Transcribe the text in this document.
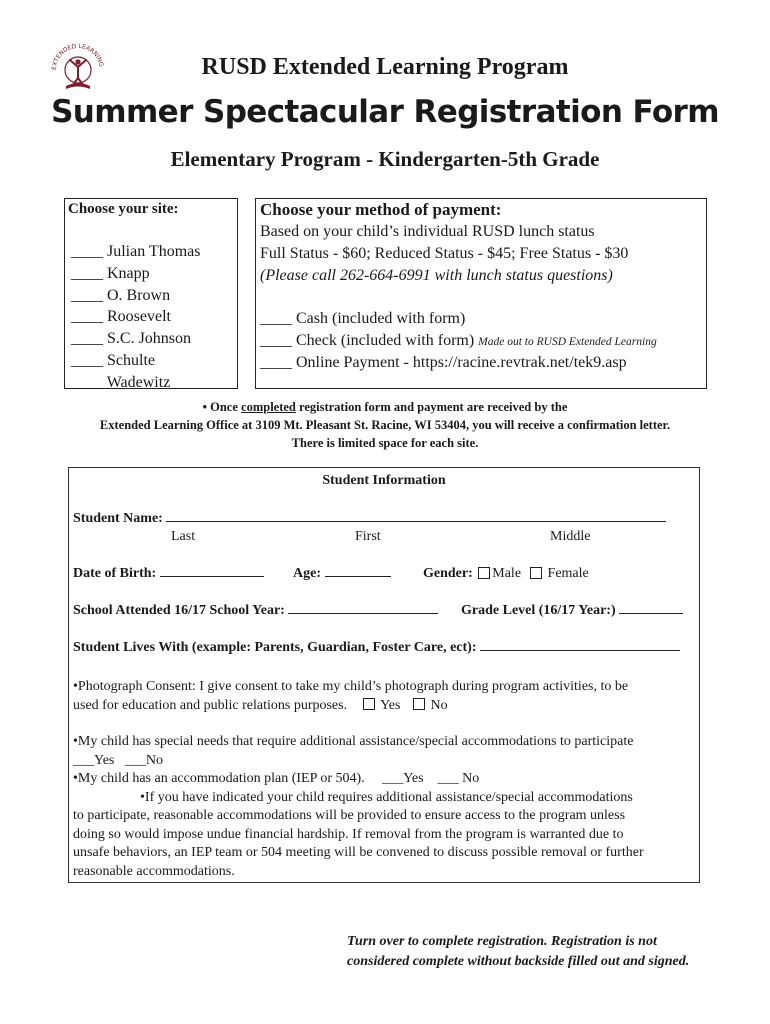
EXTENDED LEARNING	RUSD Extended Learning Program
Summer Spectacular Registration Form
Elementary Program - Kindergarten-5th Grade
Choose your site:
____ Julian Thomas
____ Knapp
____ O. Brown
____ Roosevelt
____ S.C. Johnson
____ Schulte
____ Wadewitz
Choose your method of payment:
Based on your child’s individual RUSD lunch status
Full Status - $60; Reduced Status - $45; Free Status - $30
(Please call 262-664-6991 with lunch status questions)
____ Cash (included with form)
____ Check (included with form) Made out to RUSD Extended Learning
____ Online Payment - https://racine.revtrak.net/tek9.asp
• Once completed registration form and payment are received by the
Extended Learning Office at 3109 Mt. Pleasant St. Racine, WI 53404, you will receive a confirmation letter.
There is limited space for each site.
Student Information
Student Name:
Last	First	Middle
Date of Birth:	Age:	Gender: Male Female
School Attended 16/17 School Year:	Grade Level (16/17 Year:)
Student Lives With (example: Parents, Guardian, Foster Care, ect):
•Photograph Consent: I give consent to take my child’s photograph during program activities, to be
used for education and public relations purposes. Yes No
•My child has special needs that require additional assistance/special accommodations to participate
___Yes ___No
•My child has an accommodation plan (IEP or 504). ___Yes ___ No
•If you have indicated your child requires additional assistance/special accommodations
to participate, reasonable accommodations will be provided to ensure access to the program unless
doing so would impose undue financial hardship. If removal from the program is warranted due to
unsafe behaviors, an IEP team or 504 meeting will be convened to discuss possible removal or further
reasonable accommodations.
Turn over to complete registration. Registration is not
considered complete without backside filled out and signed.
